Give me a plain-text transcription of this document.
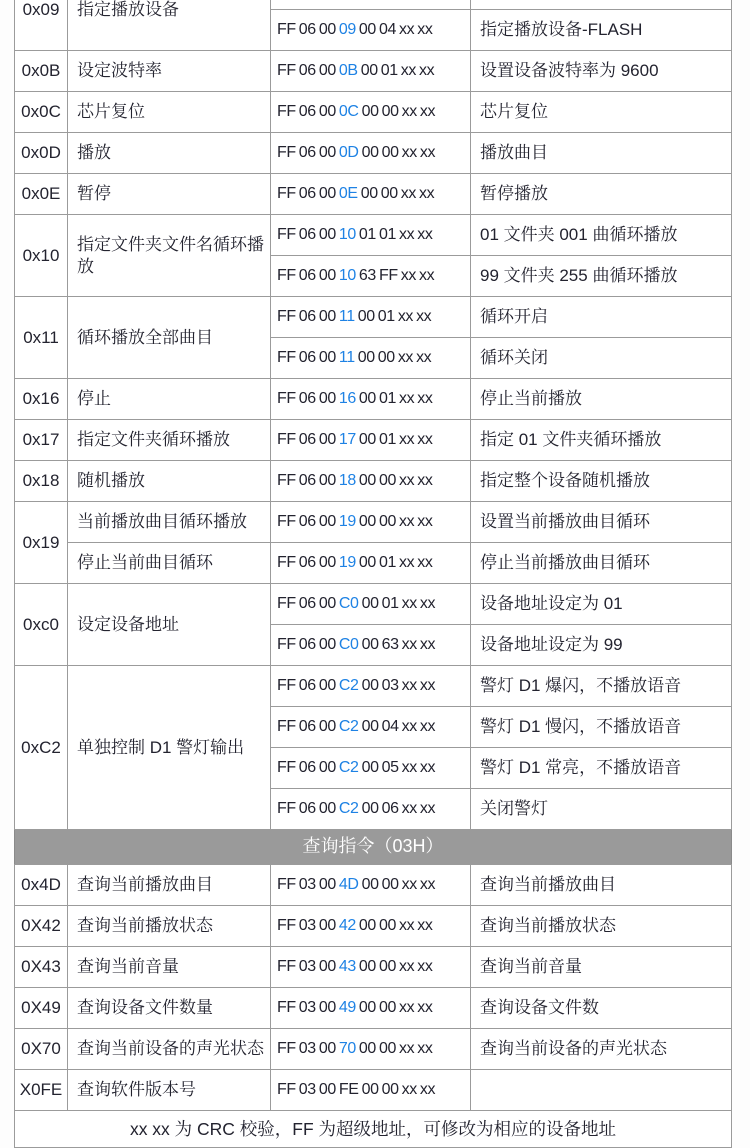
0x09	指定播放设备		
		FF 06 00 09 00 04 xx xx	指定播放设备-FLASH
0x0B	设定波特率	FF 06 00 0B 00 01 xx xx	设置设备波特率为 9600
0x0C	芯片复位	FF 06 00 0C 00 00 xx xx	芯片复位
0x0D	播放	FF 06 00 0D 00 00 xx xx	播放曲目
0x0E	暂停	FF 06 00 0E 00 00 xx xx	暂停播放
0x10	指定文件夹文件名循环播放	FF 06 00 10 01 01 xx xx	01 文件夹 001 曲循环播放
		FF 06 00 10 63 FF xx xx	99 文件夹 255 曲循环播放
0x11	循环播放全部曲目	FF 06 00 11 00 01 xx xx	循环开启
		FF 06 00 11 00 00 xx xx	循环关闭
0x16	停止	FF 06 00 16 00 01 xx xx	停止当前播放
0x17	指定文件夹循环播放	FF 06 00 17 00 01 xx xx	指定 01 文件夹循环播放
0x18	随机播放	FF 06 00 18 00 00 xx xx	指定整个设备随机播放
0x19	当前播放曲目循环播放	FF 06 00 19 00 00 xx xx	设置当前播放曲目循环
	停止当前曲目循环	FF 06 00 19 00 01 xx xx	停止当前播放曲目循环
0xc0	设定设备地址	FF 06 00 C0 00 01 xx xx	设备地址设定为 01
		FF 06 00 C0 00 63 xx xx	设备地址设定为 99
0xC2	单独控制 D1 警灯输出	FF 06 00 C2 00 03 xx xx	警灯 D1 爆闪，不播放语音
		FF 06 00 C2 00 04 xx xx	警灯 D1 慢闪，不播放语音
		FF 06 00 C2 00 05 xx xx	警灯 D1 常亮，不播放语音
		FF 06 00 C2 00 06 xx xx	关闭警灯
查询指令（03H）			
0x4D	查询当前播放曲目	FF 03 00 4D 00 00 xx xx	查询当前播放曲目
0X42	查询当前播放状态	FF 03 00 42 00 00 xx xx	查询当前播放状态
0X43	查询当前音量	FF 03 00 43 00 00 xx xx	查询当前音量
0X49	查询设备文件数量	FF 03 00 49 00 00 xx xx	查询设备文件数
0X70	查询当前设备的声光状态	FF 03 00 70 00 00 xx xx	查询当前设备的声光状态
X0FE	查询软件版本号	FF 03 00 FE 00 00 xx xx	
xx xx 为 CRC 校验，FF 为超级地址，可修改为相应的设备地址			
